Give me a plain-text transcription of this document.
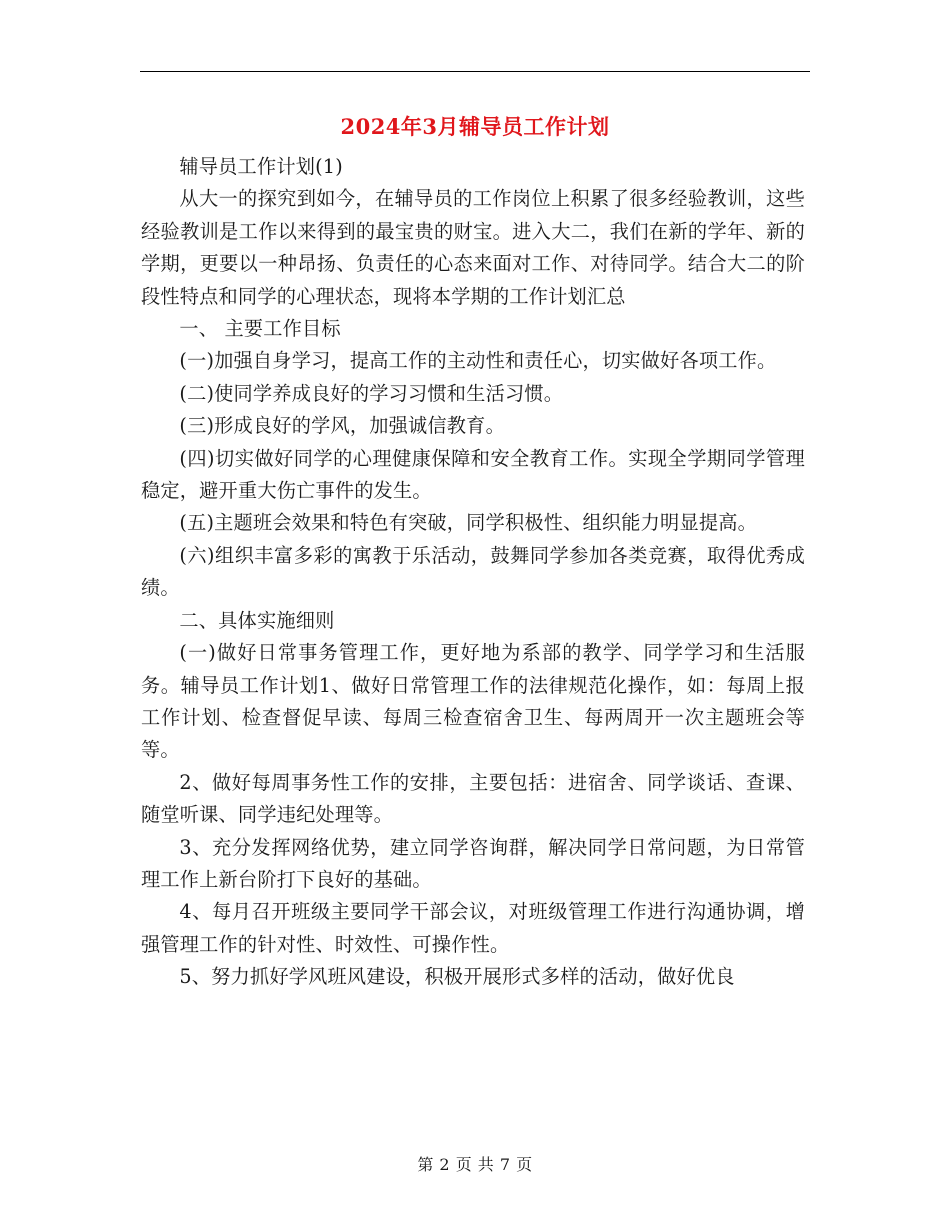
2024年3月辅导员工作计划

辅导员工作计划(1)

从大一的探究到如今，在辅导员的工作岗位上积累了很多经验教训，这些经验教训是工作以来得到的最宝贵的财宝。进入大二，我们在新的学年、新的学期，更要以一种昂扬、负责任的心态来面对工作、对待同学。结合大二的阶段性特点和同学的心理状态，现将本学期的工作计划汇总

一、 主要工作目标

(一)加强自身学习，提高工作的主动性和责任心，切实做好各项工作。

(二)使同学养成良好的学习习惯和生活习惯。

(三)形成良好的学风，加强诚信教育。

(四)切实做好同学的心理健康保障和安全教育工作。实现全学期同学管理稳定，避开重大伤亡事件的发生。

(五)主题班会效果和特色有突破，同学积极性、组织能力明显提高。

(六)组织丰富多彩的寓教于乐活动，鼓舞同学参加各类竞赛，取得优秀成绩。

二、具体实施细则

(一)做好日常事务管理工作，更好地为系部的教学、同学学习和生活服务。辅导员工作计划1、做好日常管理工作的法律规范化操作，如：每周上报工作计划、检查督促早读、每周三检查宿舍卫生、每两周开一次主题班会等等。

2、做好每周事务性工作的安排，主要包括：进宿舍、同学谈话、查课、随堂听课、同学违纪处理等。

3、充分发挥网络优势，建立同学咨询群，解决同学日常问题，为日常管理工作上新台阶打下良好的基础。

4、每月召开班级主要同学干部会议，对班级管理工作进行沟通协调，增强管理工作的针对性、时效性、可操作性。

5、努力抓好学风班风建设，积极开展形式多样的活动，做好优良

第 2 页 共 7 页
